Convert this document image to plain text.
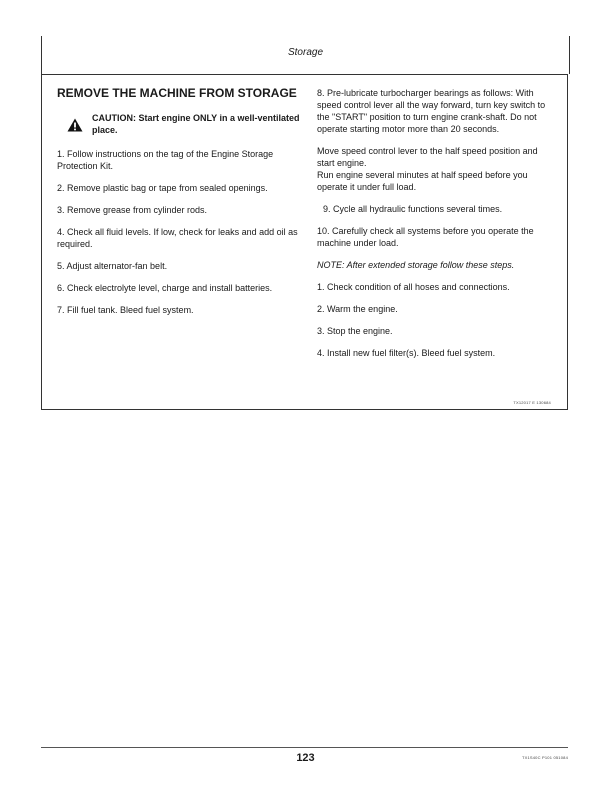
Storage
REMOVE THE MACHINE FROM STORAGE
CAUTION: Start engine ONLY in a well-ventilated place.
1. Follow instructions on the tag of the Engine Storage Protection Kit.
2. Remove plastic bag or tape from sealed openings.
3. Remove grease from cylinder rods.
4. Check all fluid levels. If low, check for leaks and add oil as required.
5. Adjust alternator-fan belt.
6. Check electrolyte level, charge and install batteries.
7. Fill fuel tank. Bleed fuel system.
8. Pre-lubricate turbocharger bearings as follows: With speed control lever all the way forward, turn key switch to the "START" position to turn engine crank-shaft. Do not operate starting motor more than 20 seconds.
Move speed control lever to the half speed position and start engine.
Run engine several minutes at half speed before you operate it under full load.
9. Cycle all hydraulic functions several times.
10. Carefully check all systems before you operate the machine under load.
NOTE: After extended storage follow these steps.
1. Check condition of all hoses and connections.
2. Warm the engine.
3. Stop the engine.
4. Install new fuel filter(s). Bleed fuel system.
TX12017 E 130684
123	TX1S40C P101 051084
